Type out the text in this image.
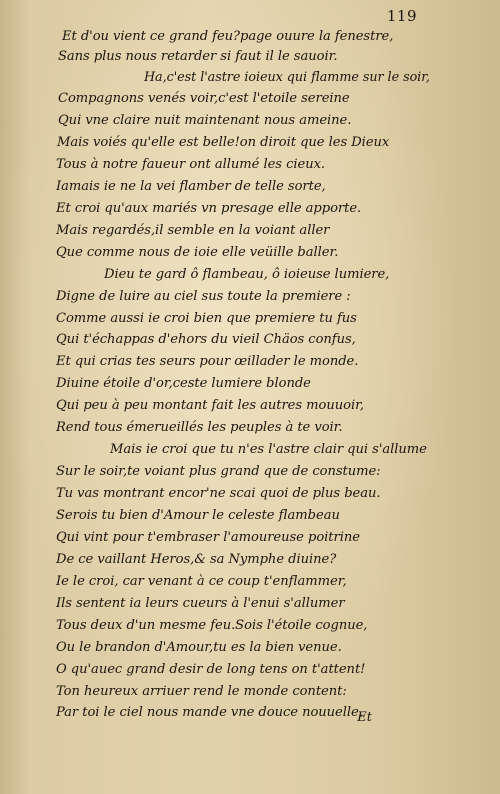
119
Et d'ou vient ce grand feu?page ouure la fenestre,
Sans plus nous retarder si faut il le sauoir.
Ha,c'est l'astre ioieux qui flamme sur le soir,
Compagnons venés voir,c'est l'etoile sereine
Qui vne claire nuit maintenant nous ameine.
Mais voiés qu'elle est belle!on diroit que les Dieux
Tous à notre faueur ont allumé les cieux.
Iamais ie ne la vei flamber de telle sorte,
Et croi qu'aux mariés vn presage elle apporte.
Mais regardés,il semble en la voiant aller
Que comme nous de ioie elle veüille baller.
Dieu te gard ô flambeau, ô ioieuse lumiere,
Digne de luire au ciel sus toute la premiere :
Comme aussi ie croi bien que premiere tu fus
Qui t'échappas d'ehors du vieil Chäos confus,
Et qui crias tes seurs pour œillader le monde.
Diuine étoile d'or,ceste lumiere blonde
Qui peu à peu montant fait les autres mouuoir,
Rend tous émerueillés les peuples à te voir.
Mais ie croi que tu n'es l'astre clair qui s'allume
Sur le soir,te voiant plus grand que de constume:
Tu vas montrant encor'ne scai quoi de plus beau.
Serois tu bien d'Amour le celeste flambeau
Qui vint pour t'embraser l'amoureuse poitrine
De ce vaillant Heros,& sa Nymphe diuine?
Ie le croi, car venant à ce coup t'enflammer,
Ils sentent ia leurs cueurs à l'enui s'allumer
Tous deux d'un mesme feu.Sois l'étoile cognue,
Ou le brandon d'Amour,tu es la bien venue.
O qu'auec grand desir de long tens on t'attent!
Ton heureux arriuer rend le monde content:
Par toi le ciel nous mande vne douce nouuelle,
Et
